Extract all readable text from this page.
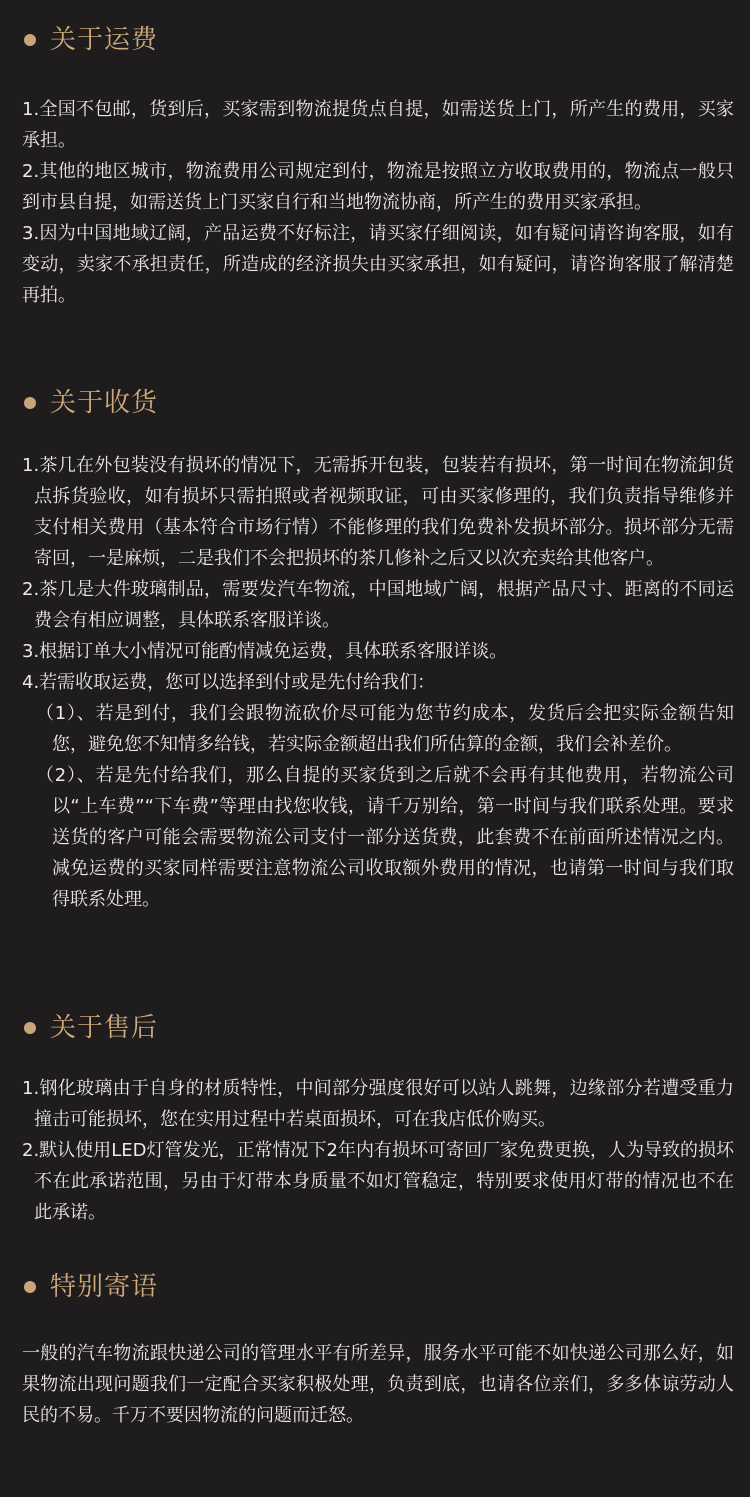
关于运费

1.全国不包邮，货到后，买家需到物流提货点自提，如需送货上门，所产生的费用，买家承担。

2.其他的地区城市，物流费用公司规定到付，物流是按照立方收取费用的，物流点一般只到市县自提，如需送货上门买家自行和当地物流协商，所产生的费用买家承担。

3.因为中国地域辽阔，产品运费不好标注，请买家仔细阅读，如有疑问请咨询客服，如有变动，卖家不承担责任，所造成的经济损失由买家承担，如有疑问，请咨询客服了解清楚再拍。

关于收货

1.茶几在外包装没有损坏的情况下，无需拆开包装，包装若有损坏，第一时间在物流卸货点拆货验收，如有损坏只需拍照或者视频取证，可由买家修理的，我们负责指导维修并支付相关费用（基本符合市场行情）不能修理的我们免费补发损坏部分。损坏部分无需寄回，一是麻烦，二是我们不会把损坏的茶几修补之后又以次充卖给其他客户。

2.茶几是大件玻璃制品，需要发汽车物流，中国地域广阔，根据产品尺寸、距离的不同运费会有相应调整，具体联系客服详谈。

3.根据订单大小情况可能酌情减免运费，具体联系客服详谈。

4.若需收取运费，您可以选择到付或是先付给我们：

（1）、若是到付，我们会跟物流砍价尽可能为您节约成本，发货后会把实际金额告知您，避免您不知情多给钱，若实际金额超出我们所估算的金额，我们会补差价。

（2）、若是先付给我们，那么自提的买家货到之后就不会再有其他费用，若物流公司以“上车费”“下车费”等理由找您收钱，请千万别给，第一时间与我们联系处理。要求送货的客户可能会需要物流公司支付一部分送货费，此套费不在前面所述情况之内。减免运费的买家同样需要注意物流公司收取额外费用的情况，也请第一时间与我们取得联系处理。

关于售后

1.钢化玻璃由于自身的材质特性，中间部分强度很好可以站人跳舞，边缘部分若遭受重力撞击可能损坏，您在实用过程中若桌面损坏，可在我店低价购买。

2.默认使用LED灯管发光，正常情况下2年内有损坏可寄回厂家免费更换，人为导致的损坏不在此承诺范围，另由于灯带本身质量不如灯管稳定，特别要求使用灯带的情况也不在此承诺。

特别寄语

一般的汽车物流跟快递公司的管理水平有所差异，服务水平可能不如快递公司那么好，如果物流出现问题我们一定配合买家积极处理，负责到底，也请各位亲们，多多体谅劳动人民的不易。千万不要因物流的问题而迁怒。
